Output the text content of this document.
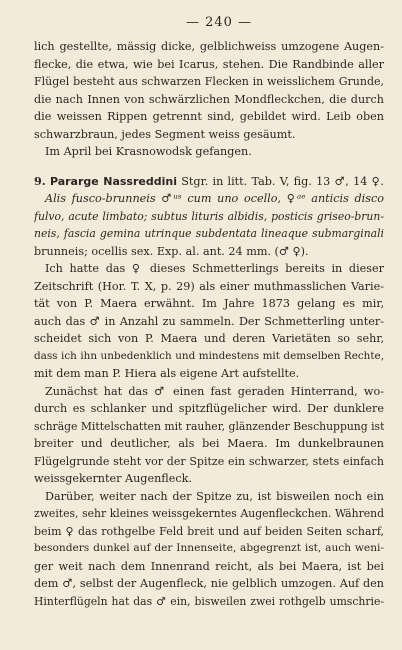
— 240 —
lich gestellte, mässig dicke, gelblichweiss umzogene Augen-
flecke, die etwa, wie bei Icarus, stehen. Die Randbinde aller
Flügel besteht aus schwarzen Flecken in weisslichem Grunde,
die nach Innen von schwärzlichen Mondfleckchen, die durch
die weissen Rippen getrennt sind, gebildet wird. Leib oben
schwarzbraun, jedes Segment weiss gesäumt.
Im April bei Krasnowodsk gefangen.
9. Pararge Nassreddini Stgr. in litt. Tab. V, fig. 13 ♂, 14 ♀.
Alis fusco-brunneis ♂ᵘˢ cum uno ocello, ♀ᵃᵉ anticis disco
fulvo, acute limbato; subtus lituris albidis, posticis griseo-brun-
neis, fascia gemina utrinque subdentata lineaque submarginali
brunneis; ocellis sex. Exp. al. ant. 24 mm. (♂ ♀).
Ich hatte das ♀ dieses Schmetterlings bereits in dieser
Zeitschrift (Hor. T. X, p. 29) als einer muthmasslichen Varie-
tät von P. Maera erwähnt. Im Jahre 1873 gelang es mir,
auch das ♂ in Anzahl zu sammeln. Der Schmetterling unter-
scheidet sich von P. Maera und deren Varietäten so sehr,
dass ich ihn unbedenklich und mindestens mit demselben Rechte,
mit dem man P. Hiera als eigene Art aufstellte.
Zunächst hat das ♂ einen fast geraden Hinterrand, wo-
durch es schlanker und spitzflügelicher wird. Der dunklere
schräge Mittelschatten mit rauher, glänzender Beschuppung ist
breiter und deutlicher, als bei Maera. Im dunkelbraunen
Flügelgrunde steht vor der Spitze ein schwarzer, stets einfach
weissgekernter Augenfleck.
Darüber, weiter nach der Spitze zu, ist bisweilen noch ein
zweites, sehr kleines weissgekerntes Augenfleckchen. Während
beim ♀ das rothgelbe Feld breit und auf beiden Seiten scharf,
besonders dunkel auf der Innenseite, abgegrenzt ist, auch weni-
ger weit nach dem Innenrand reicht, als bei Maera, ist bei
dem ♂, selbst der Augenfleck, nie gelblich umzogen. Auf den
Hinterflügeln hat das ♂ ein, bisweilen zwei rothgelb umschrie-
